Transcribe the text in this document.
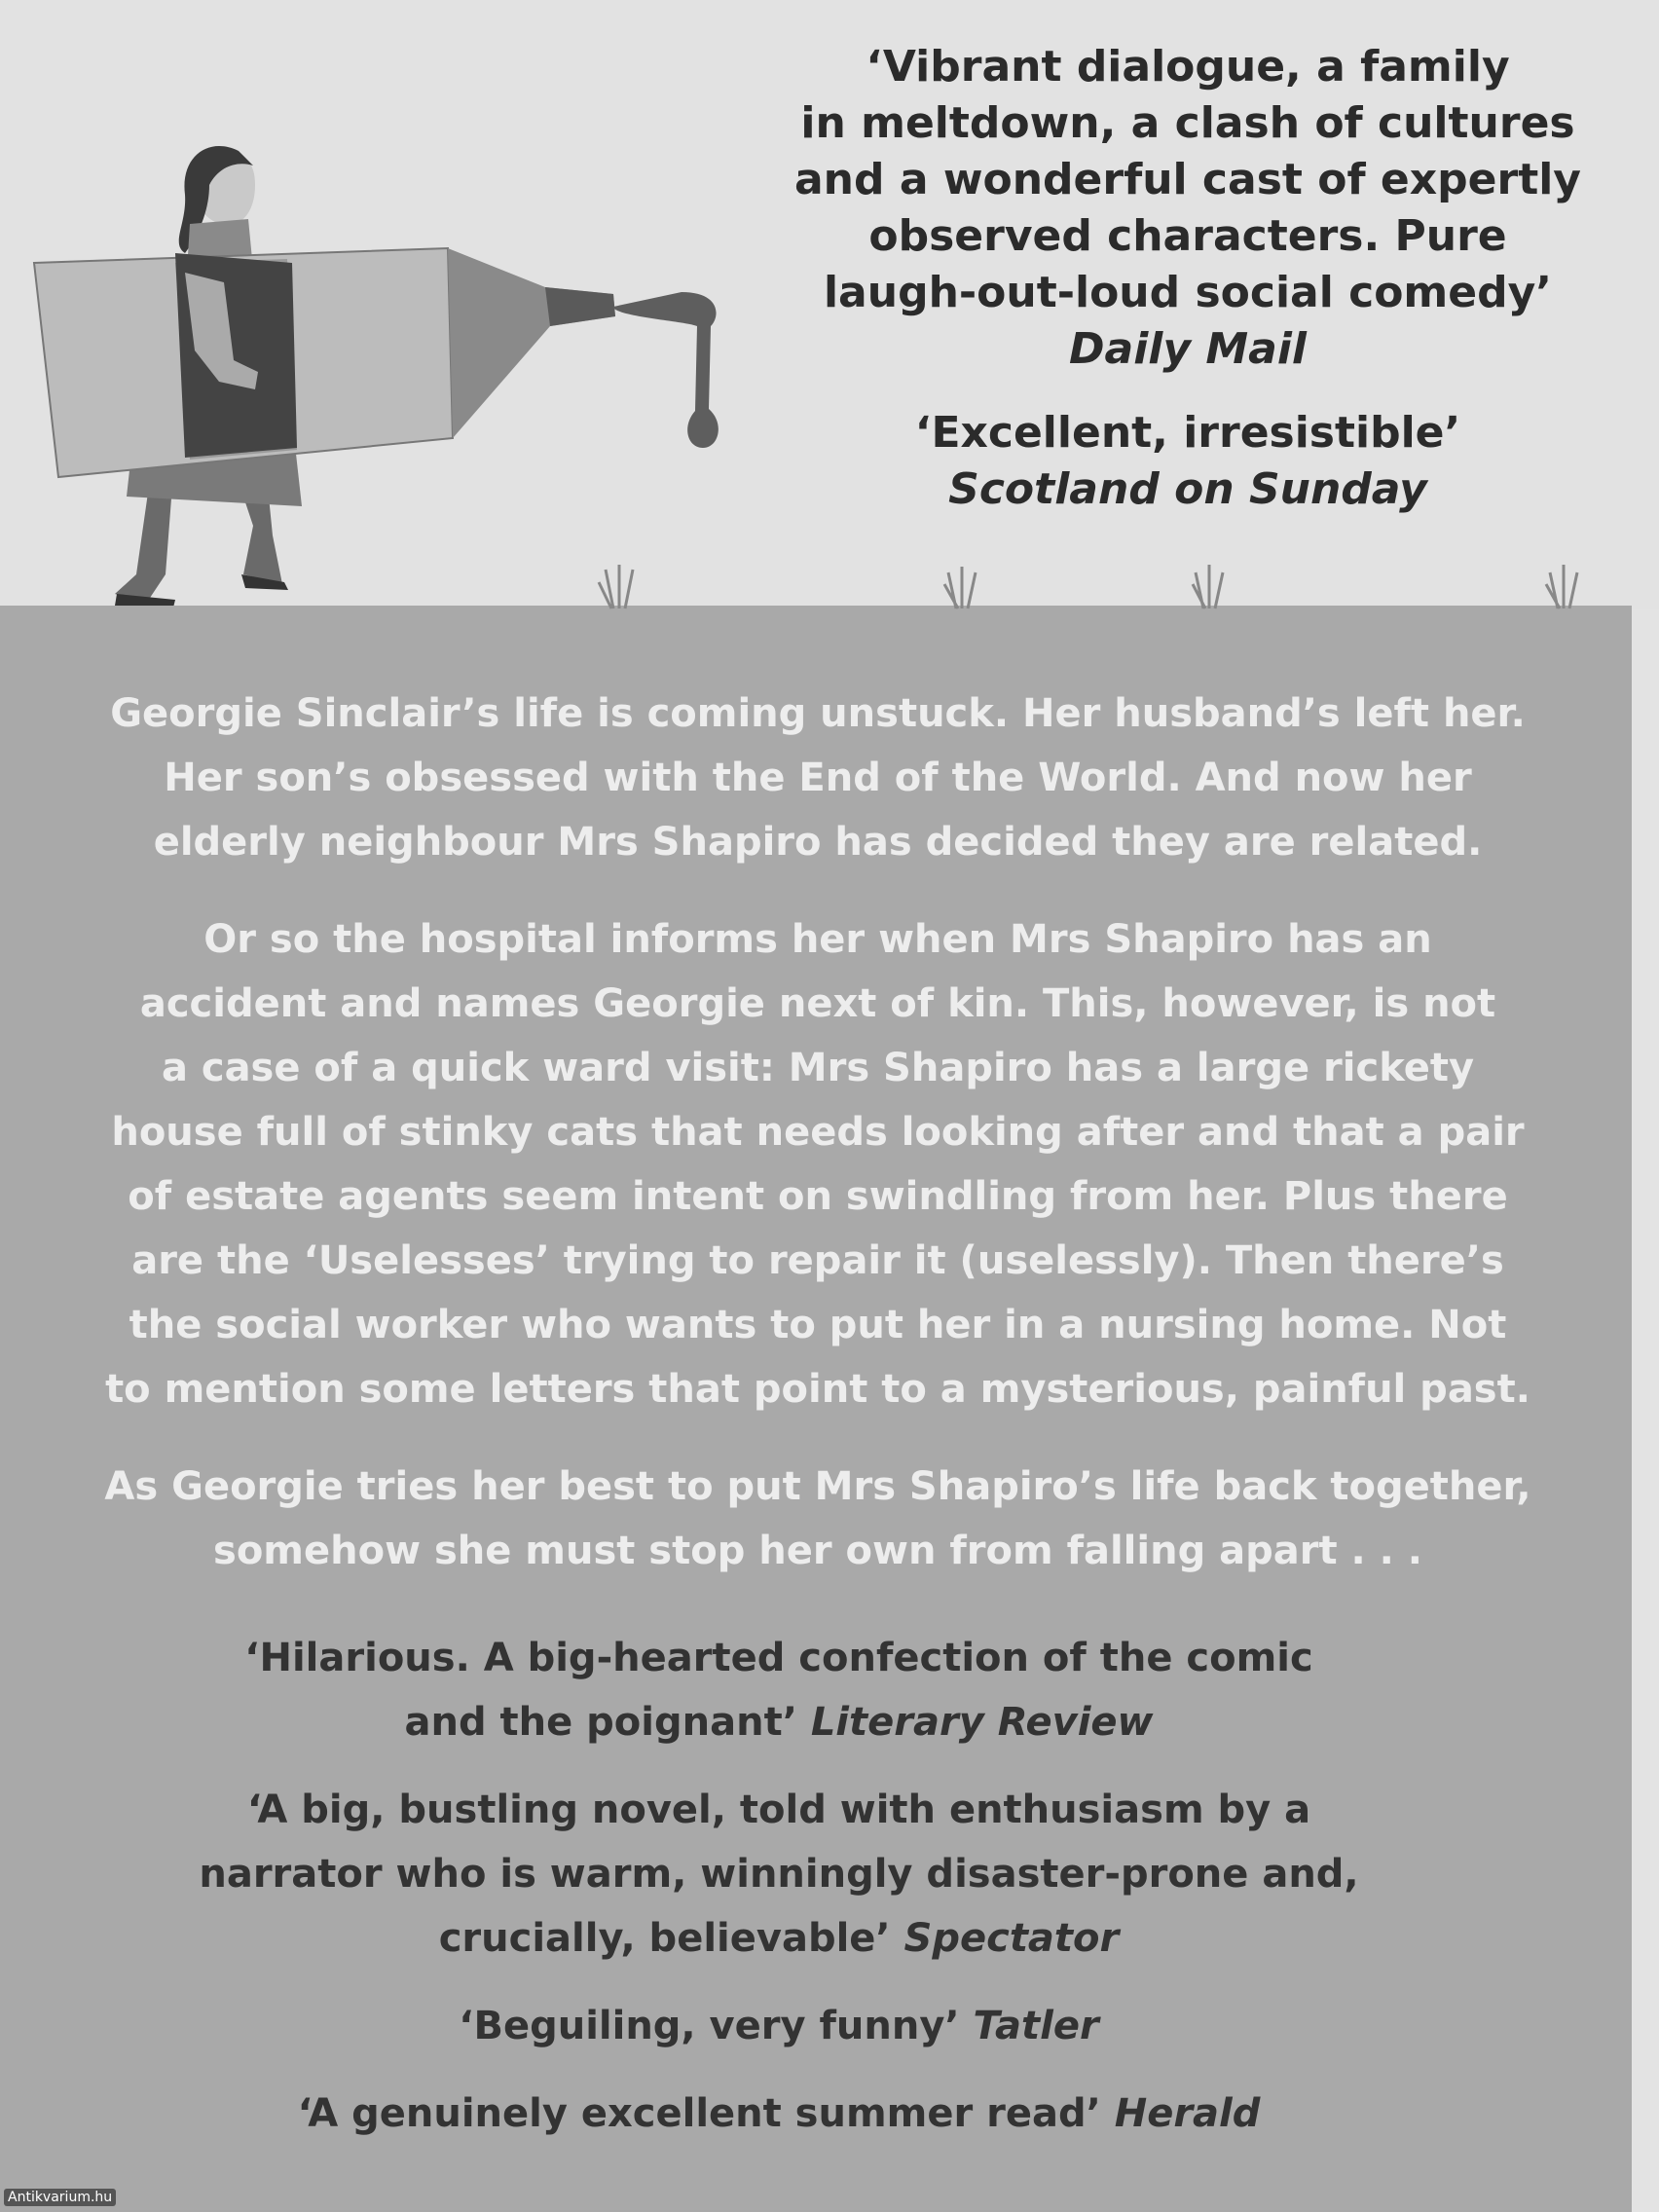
‘Vibrant dialogue, a family
in meltdown, a clash of cultures
and a wonderful cast of expertly
observed characters. Pure
laugh-out-loud social comedy’

Daily Mail

‘Excellent, irresistible’

Scotland on Sunday

Georgie Sinclair’s life is coming unstuck. Her husband’s left her.
Her son’s obsessed with the End of the World. And now her
elderly neighbour Mrs Shapiro has decided they are related.

Or so the hospital informs her when Mrs Shapiro has an
accident and names Georgie next of kin. This, however, is not
a case of a quick ward visit: Mrs Shapiro has a large rickety
house full of stinky cats that needs looking after and that a pair
of estate agents seem intent on swindling from her. Plus there
are the ‘Uselesses’ trying to repair it (uselessly). Then there’s
the social worker who wants to put her in a nursing home. Not
to mention some letters that point to a mysterious, painful past.

As Georgie tries her best to put Mrs Shapiro’s life back together,
somehow she must stop her own from falling apart . . .

‘Hilarious. A big-hearted confection of the comic
and the poignant’ Literary Review

‘A big, bustling novel, told with enthusiasm by a
narrator who is warm, winningly disaster-prone and,
crucially, believable’ Spectator

‘Beguiling, very funny’ Tatler

‘A genuinely excellent summer read’ Herald

Antikvarium.hu
